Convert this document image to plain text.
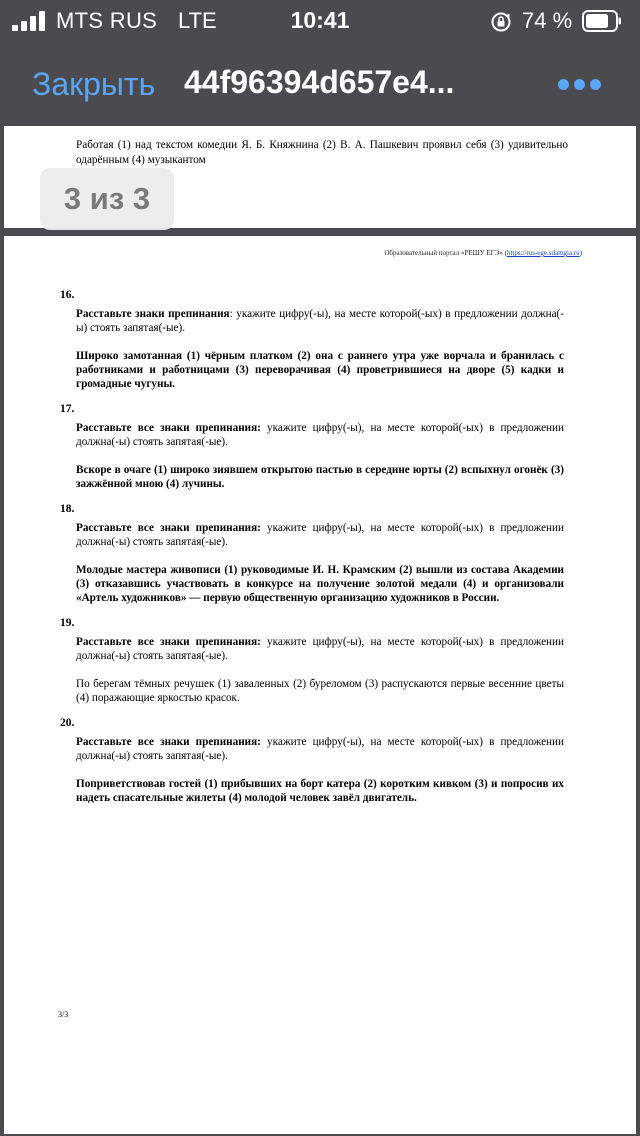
MTS RUS LTE	10:41	74 %
Закрыть 44f96394d657e4...
Работая (1) над текстом комедии Я. Б. Княжнина (2) В. А. Пашкевич проявил себя (3) удивительно одарённым (4) музыкантом
3 из 3
Образовательный портал «РЕШУ ЕГЭ» (https://rus-ege.sdamgia.ru)
16.
Расставьте знаки препинания: укажите цифру(-ы), на месте которой(-ых) в предложении должна(-ы) стоять запятая(-ые).
Широко замотанная (1) чёрным платком (2) она с раннего утра уже ворчала и бранилась с работниками и работницами (3) переворачивая (4) проветрившиеся на дворе (5) кадки и громадные чугуны.
17.
Расставьте все знаки препинания: укажите цифру(-ы), на месте которой(-ых) в предложении должна(-ы) стоять запятая(-ые).
Вскоре в очаге (1) широко зиявшем открытою пастью в середине юрты (2) вспыхнул огонёк (3) зажжённой мною (4) лучины.
18.
Расставьте все знаки препинания: укажите цифру(-ы), на месте которой(-ых) в предложении должна(-ы) стоять запятая(-ые).
Молодые мастера живописи (1) руководимые И. Н. Крамским (2) вышли из состава Академии (3) отказавшись участвовать в конкурсе на получение золотой медали (4) и организовали «Артель художников» — первую общественную организацию художников в России.
19.
Расставьте все знаки препинания: укажите цифру(-ы), на месте которой(-ых) в предложении должна(-ы) стоять запятая(-ые).
По берегам тёмных речушек (1) заваленных (2) буреломом (3) распускаются первые весенние цветы (4) поражающие яркостью красок.
20.
Расставьте все знаки препинания: укажите цифру(-ы), на месте которой(-ых) в предложении должна(-ы) стоять запятая(-ые).
Поприветствовав гостей (1) прибывших на борт катера (2) коротким кивком (3) и попросив их надеть спасательные жилеты (4) молодой человек завёл двигатель.
3/3
